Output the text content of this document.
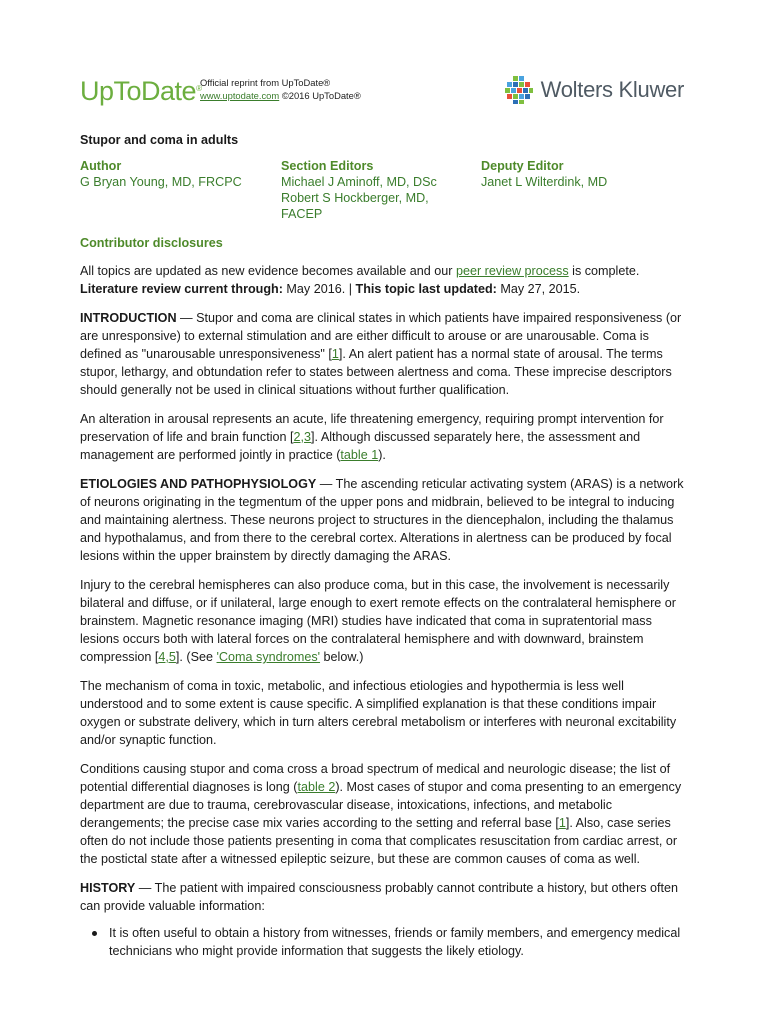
UpToDate®
Official reprint from UpToDate®
www.uptodate.com ©2016 UpToDate®	Wolters Kluwer
Stupor and coma in adults
Author
G Bryan Young, MD, FRCPC
Section Editors
Michael J Aminoff, MD, DSc
Robert S Hockberger, MD,
FACEP
Deputy Editor
Janet L Wilterdink, MD
Contributor disclosures

All topics are updated as new evidence becomes available and our peer review process is complete.
Literature review current through: May 2016. | This topic last updated: May 27, 2015.

INTRODUCTION — Stupor and coma are clinical states in which patients have impaired responsiveness (or are unresponsive) to external stimulation and are either difficult to arouse or are unarousable. Coma is defined as "unarousable unresponsiveness" [1]. An alert patient has a normal state of arousal. The terms stupor, lethargy, and obtundation refer to states between alertness and coma. These imprecise descriptors should generally not be used in clinical situations without further qualification.

An alteration in arousal represents an acute, life threatening emergency, requiring prompt intervention for preservation of life and brain function [2,3]. Although discussed separately here, the assessment and management are performed jointly in practice (table 1).

ETIOLOGIES AND PATHOPHYSIOLOGY — The ascending reticular activating system (ARAS) is a network of neurons originating in the tegmentum of the upper pons and midbrain, believed to be integral to inducing and maintaining alertness. These neurons project to structures in the diencephalon, including the thalamus and hypothalamus, and from there to the cerebral cortex. Alterations in alertness can be produced by focal lesions within the upper brainstem by directly damaging the ARAS.

Injury to the cerebral hemispheres can also produce coma, but in this case, the involvement is necessarily bilateral and diffuse, or if unilateral, large enough to exert remote effects on the contralateral hemisphere or brainstem. Magnetic resonance imaging (MRI) studies have indicated that coma in supratentorial mass lesions occurs both with lateral forces on the contralateral hemisphere and with downward, brainstem compression [4,5]. (See 'Coma syndromes' below.)

The mechanism of coma in toxic, metabolic, and infectious etiologies and hypothermia is less well understood and to some extent is cause specific. A simplified explanation is that these conditions impair oxygen or substrate delivery, which in turn alters cerebral metabolism or interferes with neuronal excitability and/or synaptic function.

Conditions causing stupor and coma cross a broad spectrum of medical and neurologic disease; the list of potential differential diagnoses is long (table 2). Most cases of stupor and coma presenting to an emergency department are due to trauma, cerebrovascular disease, intoxications, infections, and metabolic derangements; the precise case mix varies according to the setting and referral base [1]. Also, case series often do not include those patients presenting in coma that complicates resuscitation from cardiac arrest, or the postictal state after a witnessed epileptic seizure, but these are common causes of coma as well.

HISTORY — The patient with impaired consciousness probably cannot contribute a history, but others often can provide valuable information:

It is often useful to obtain a history from witnesses, friends or family members, and emergency medical technicians who might provide information that suggests the likely etiology.
